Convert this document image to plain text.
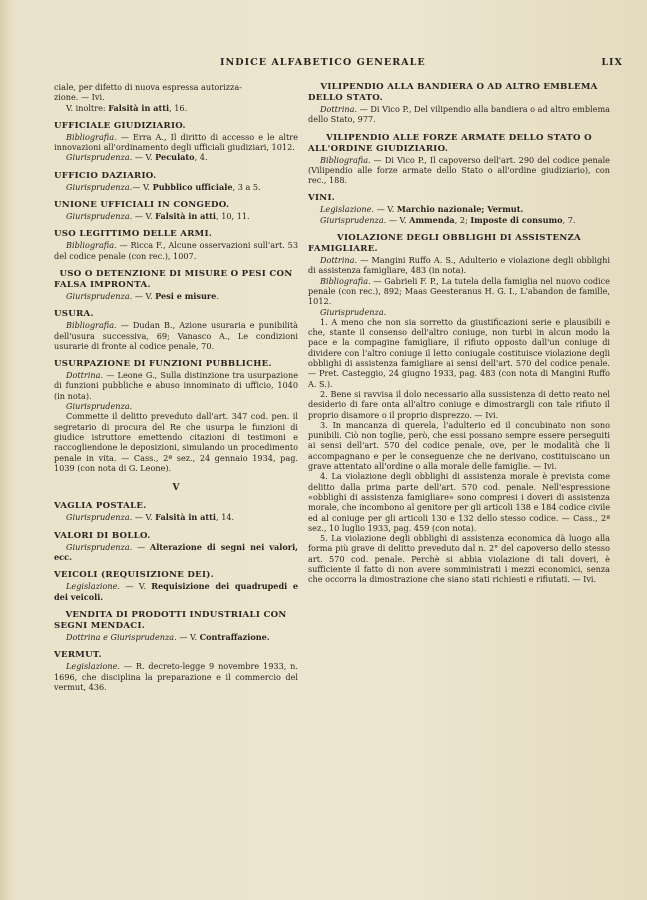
INDICE ALFABETICO GENERALE	LIX

ciale, per difetto di nuova espressa autorizza-

zione. — Ivi.

V. inoltre: Falsità in atti, 16.

UFFICIALE GIUDIZIARIO.

Bibliografia. — Erra A., Il diritto di accesso e le altre innovazioni all'ordinamento degli ufficiali giudiziari, 1012.

Giurisprudenza. — V. Peculato, 4.

UFFICIO DAZIARIO.

Giurisprudenza.— V. Pubblico ufficiale, 3 a 5.

UNIONE UFFICIALI IN CONGEDO.

Giurisprudenza. — V. Falsità in atti, 10, 11.

USO LEGITTIMO DELLE ARMI.

Bibliografia. — Ricca F., Alcune osservazioni sull'art. 53 del codice penale (con rec.), 1007.

USO O DETENZIONE DI MISURE O PESI CON FALSA IMPRONTA.

Giurisprudenza. — V. Pesi e misure.

USURA.

Bibliografia. — Dudan B., Azione usuraria e punibilità dell'usura successiva, 69; Vanasco A., Le condizioni usurarie di fronte al codice penale, 70.

USURPAZIONE DI FUNZIONI PUBBLICHE.

Dottrina. — Leone G., Sulla distinzione tra usurpazione di funzioni pubbliche e abuso innominato di ufficio, 1040 (in nota).

Giurisprudenza.

Commette il delitto preveduto dall'art. 347 cod. pen. il segretario di procura del Re che usurpa le funzioni di giudice istruttore emettendo citazioni di testimoni e raccogliendone le deposizioni, simulando un procedimento penale in vita. — Cass., 2ª sez., 24 gennaio 1934, pag. 1039 (con nota di G. Leone).

V
VAGLIA POSTALE.

Giurisprudenza. — V. Falsità in atti, 14.

VALORI DI BOLLO.

Giurisprudenza. — Alterazione di segni nei valori, ecc.

VEICOLI (REQUISIZIONE DEI).

Legislazione. — V. Requisizione dei quadrupedi e dei veicoli.

VENDITA DI PRODOTTI INDUSTRIALI CON SEGNI MENDACI.

Dottrina e Giurisprudenza. — V. Contraffazione.

VERMUT.

Legislazione. — R. decreto-legge 9 novembre 1933, n. 1696, che disciplina la preparazione e il commercio del vermut, 436.

VILIPENDIO ALLA BANDIERA O AD ALTRO EMBLEMA DELLO STATO.

Dottrina. — Di Vico P., Del vilipendio alla bandiera o ad altro emblema dello Stato, 977.

VILIPENDIO ALLE FORZE ARMATE DELLO STATO O ALL'ORDINE GIUDIZIARIO.

Bibliografia. — Di Vico P., Il capoverso dell'art. 290 del codice penale (Vilipendio alle forze armate dello Stato o all'ordine giudiziario), con rec., 188.

VINI.

Legislazione. — V. Marchio nazionale; Vermut.

Giurisprudenza. — V. Ammenda, 2; Imposte di consumo, 7.

VIOLAZIONE DEGLI OBBLIGHI DI ASSISTENZA FAMIGLIARE.

Dottrina. — Mangini Ruffo A. S., Adulterio e violazione degli obblighi di assistenza famigliare, 483 (in nota).

Bibliografia. — Gabrieli F. P., La tutela della famiglia nel nuovo codice penale (con rec.), 892; Maas Geesteranus H. G. I., L'abandon de famille, 1012.

Giurisprudenza.

1. A meno che non sia sorretto da giustificazioni serie e plausibili e che, stante il consenso dell'altro coniuge, non turbi in alcun modo la pace e la compagine famigliare, il rifiuto opposto dall'un coniuge di dividere con l'altro coniuge il letto coniugale costituisce violazione degli obblighi di assistenza famigliare ai sensi dell'art. 570 del codice penale. — Pret. Casteggio, 24 giugno 1933, pag. 483 (con nota di Mangini Ruffo A. S.).

2. Bene si ravvisa il dolo necessario alla sussistenza di detto reato nel desiderio di fare onta all'altro coniuge e dimostrargli con tale rifiuto il proprio disamore o il proprio disprezzo. — Ivi.

3. In mancanza di querela, l'adulterio ed il concubinato non sono punibili. Ciò non toglie, però, che essi possano sempre essere perseguiti ai sensi dell'art. 570 del codice penale, ove, per le modalità che li accompagnano e per le conseguenze che ne derivano, costituiscano un grave attentato all'ordine o alla morale delle famiglie. — Ivi.

4. La violazione degli obblighi di assistenza morale è prevista come delitto dalla prima parte dell'art. 570 cod. penale. Nell'espressione «obblighi di assistenza famigliare» sono compresi i doveri di assistenza morale, che incombono al genitore per gli articoli 138 e 184 codice civile ed al coniuge per gli articoli 130 e 132 dello stesso codice. — Cass., 2ª sez., 10 luglio 1933, pag. 459 (con nota).

5. La violazione degli obblighi di assistenza economica dà luogo alla forma più grave di delitto preveduto dal n. 2° del capoverso dello stesso art. 570 cod. penale. Perchè si abbia violazione di tali doveri, è sufficiente il fatto di non avere somministrati i mezzi economici, senza che occorra la dimostrazione che siano stati richiesti e rifiutati. — Ivi.
